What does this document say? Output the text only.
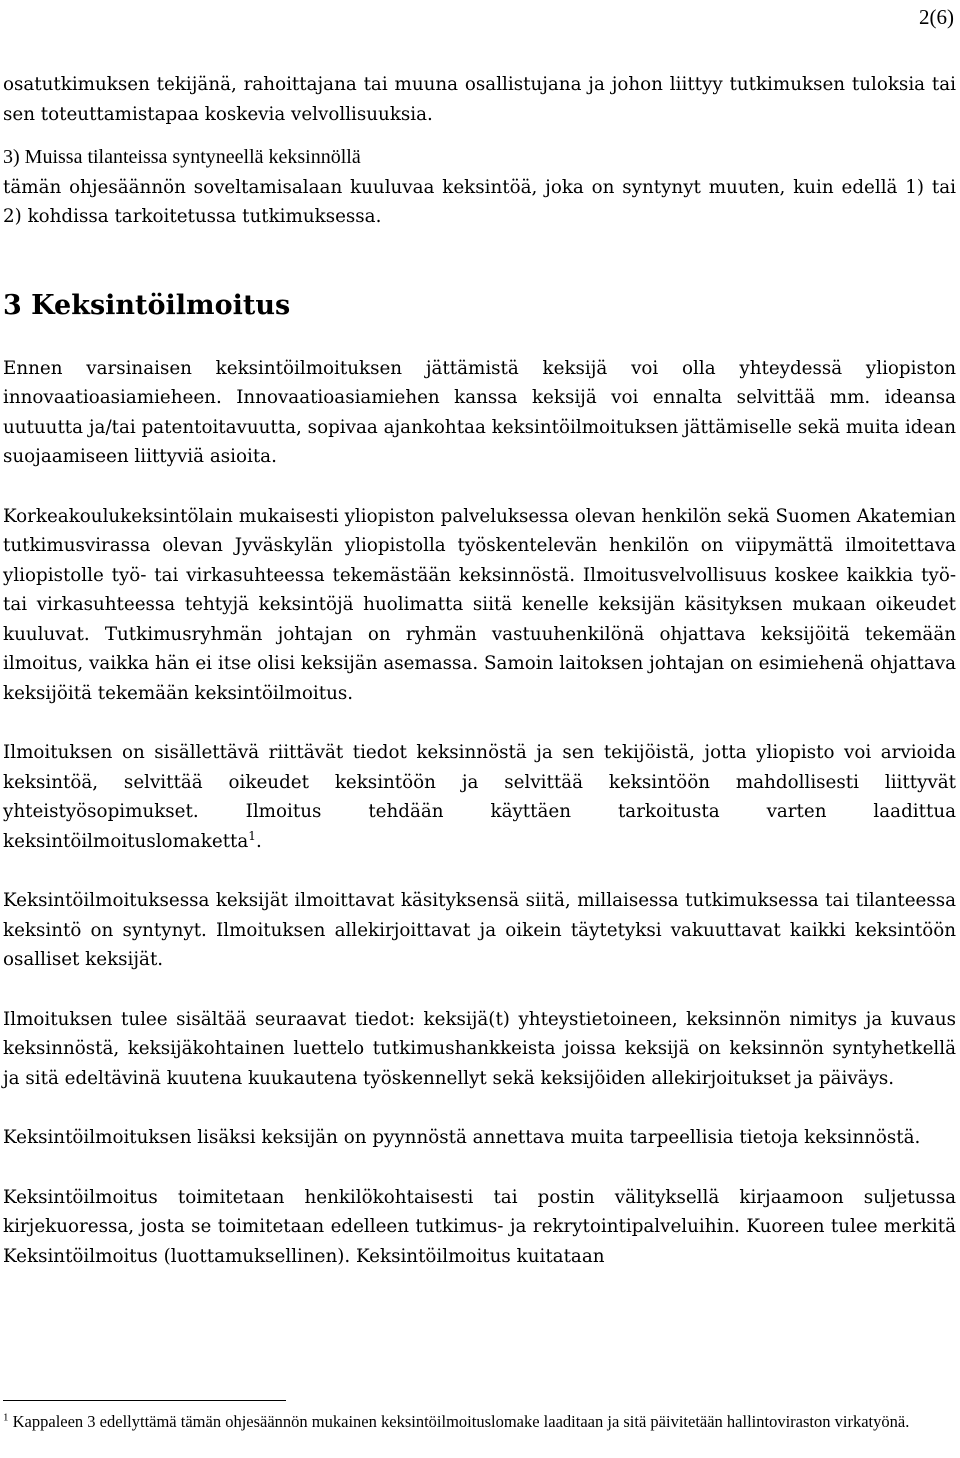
2(6)

osatutkimuksen tekijänä, rahoittajana tai muuna osallistujana ja johon liittyy tutkimuksen tuloksia tai sen toteuttamistapaa koskevia velvollisuuksia.

3) Muissa tilanteissa syntyneellä keksinnöllä
tämän ohjesäännön soveltamisalaan kuuluvaa keksintöä, joka on syntynyt muuten, kuin edellä 1) tai 2) kohdissa tarkoitetussa tutkimuksessa.

3 Keksintöilmoitus

Ennen varsinaisen keksintöilmoituksen jättämistä keksijä voi olla yhteydessä yliopiston innovaatioasiamieheen. Innovaatioasiamiehen kanssa keksijä voi ennalta selvittää mm. ideansa uutuutta ja/tai patentoitavuutta, sopivaa ajankohtaa keksintöilmoituksen jättämiselle sekä muita idean suojaamiseen liittyviä asioita.

Korkeakoulukeksintölain mukaisesti yliopiston palveluksessa olevan henkilön sekä Suomen Akatemian tutkimusvirassa olevan Jyväskylän yliopistolla työskentelevän henkilön on viipymättä ilmoitettava yliopistolle työ- tai virkasuhteessa tekemästään keksinnöstä. Ilmoitusvelvollisuus koskee kaikkia työ- tai virkasuhteessa tehtyjä keksintöjä huolimatta siitä kenelle keksijän käsityksen mukaan oikeudet kuuluvat. Tutkimusryhmän johtajan on ryhmän vastuuhenkilönä ohjattava keksijöitä tekemään ilmoitus, vaikka hän ei itse olisi keksijän asemassa. Samoin laitoksen johtajan on esimiehenä ohjattava keksijöitä tekemään keksintöilmoitus.

Ilmoituksen on sisällettävä riittävät tiedot keksinnöstä ja sen tekijöistä, jotta yliopisto voi arvioida keksintöä, selvittää oikeudet keksintöön ja selvittää keksintöön mahdollisesti liittyvät yhteistyösopimukset. Ilmoitus tehdään käyttäen tarkoitusta varten laadittua keksintöilmoituslomaketta$^1$.

Keksintöilmoituksessa keksijät ilmoittavat käsityksensä siitä, millaisessa tutkimuksessa tai tilanteessa keksintö on syntynyt. Ilmoituksen allekirjoittavat ja oikein täytetyksi vakuuttavat kaikki keksintöön osalliset keksijät.

Ilmoituksen tulee sisältää seuraavat tiedot: keksijä(t) yhteystietoineen, keksinnön nimitys ja kuvaus keksinnöstä, keksijäkohtainen luettelo tutkimushankkeista joissa keksijä on keksinnön syntyhetkellä ja sitä edeltävinä kuutena kuukautena työskennellyt sekä keksijöiden allekirjoitukset ja päiväys.

Keksintöilmoituksen lisäksi keksijän on pyynnöstä annettava muita tarpeellisia tietoja keksinnöstä.

Keksintöilmoitus toimitetaan henkilökohtaisesti tai postin välityksellä kirjaamoon suljetussa kirjekuoressa, josta se toimitetaan edelleen tutkimus- ja rekrytointipalveluihin. Kuoreen tulee merkitä Keksintöilmoitus (luottamuksellinen). Keksintöilmoitus kuitataan

$^1$ Kappaleen 3 edellyttämä tämän ohjesäännön mukainen keksintöilmoituslomake laaditaan ja sitä päivitetään hallintoviraston virkatyönä.
